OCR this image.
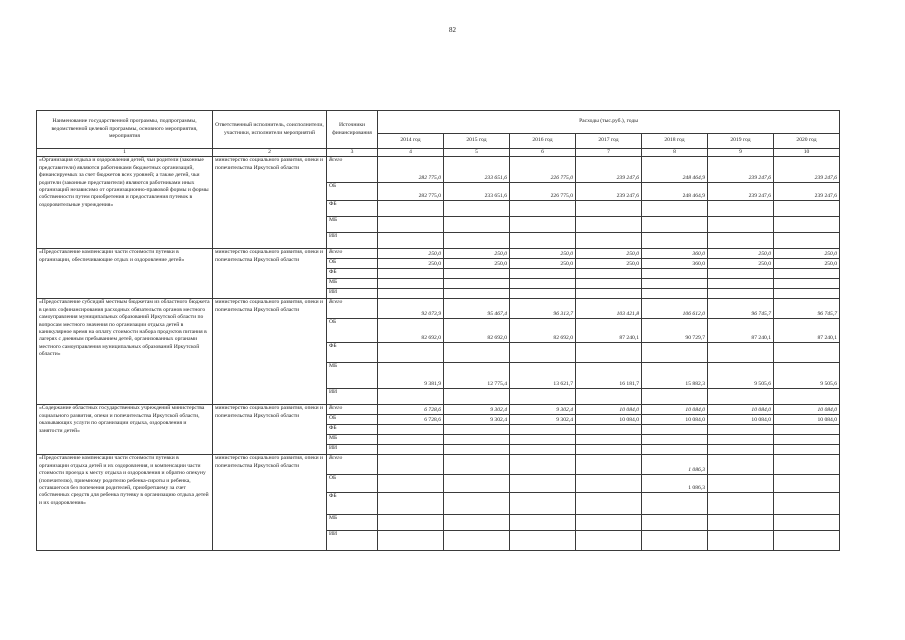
82
Наименование государственной программы, подпрограммы, ведомственной целевой программы, основного мероприятия, мероприятия	Ответственный исполнитель, соисполнители, участники, исполнители мероприятий	Источники финансирования	Расходы (тыс.руб.), годы						
			2014 год	2015 год	2016 год	2017 год	2018 год	2019 год	2020 год
1	2	3	4	5	6	7	8	9	10
«Организация отдыха и оздоровления детей, чьи родители (законные представители) являются работниками бюджетных организаций, финансируемых за счет бюджетов всех уровней; а также детей, чьи родители (законные представители) являются работниками иных организаций независимо от организационно-правовой формы и формы собственности путем приобретения и предоставления путевок в оздоровительные учреждения»	министерство социального развития, опеки и попечительства Иркутской области	Всего	282 775,0	233 651,6	226 775,0	239 247,6	248 464,9	239 247,6	239 247,6
		ОБ	282 775,0	233 651,6	226 775,0	239 247,6	248 464,9	239 247,6	239 247,6
		ФБ							
		МБ							
		ИИ							
«Предоставление компенсации части стоимости путевки в организации, обеспечивающие отдых и оздоровление детей»	министерство социального развития, опеки и попечительства Иркутской области	Всего	250,0	250,0	250,0	250,0	360,0	250,0	250,0
		ОБ	250,0	250,0	250,0	250,0	360,0	250,0	250,0
		ФБ							
		МБ							
		ИИ							
«Предоставление субсидий местным бюджетам из областного бюджета в целях софинансирования расходных обязательств органов местного самоуправления муниципальных образований Иркутской области по вопросам местного значения по организации отдыха детей в каникулярное время на оплату стоимости набора продуктов питания в лагерях с дневным пребыванием детей, организованных органами местного самоуправления муниципальных образований Иркутской области»	министерство социального развития, опеки и попечительства Иркутской области	Всего	92 073,9	95 467,4	96 313,7	103 421,8	106 612,0	96 745,7	96 745,7
		ОБ	82 692,0	82 692,0	82 692,0	87 240,1	90 729,7	87 240,1	87 240,1
		ФБ							
		МБ	9 381,9	12 775,4	13 621,7	16 181,7	15 882,3	9 505,6	9 505,6
		ИИ							
«Содержание областных государственных учреждений министерства социального развития, опеки и попечительства Иркутской области, оказывающих услуги по организации отдыха, оздоровления и занятости детей»	министерство социального развития, опеки и попечительства Иркутской области	Всего	6 728,6	9 302,4	9 302,4	10 084,0	10 084,0	10 084,0	10 084,0
		ОБ	6 728,6	9 302,4	9 302,4	10 084,0	10 084,0	10 084,0	10 084,0
		ФБ							
		МБ							
		ИИ							
«Предоставление компенсации части стоимости путевки в организации отдыха детей и их оздоровления, и компенсации части стоимости проезда к месту отдыха и оздоровления и обратно опекуну (попечителю), приемному родителю ребенка-сироты и ребенка, оставшегося без попечения родителей, приобретшему за счет собственных средств для ребенка путевку в организацию отдыха детей и их оздоровления»	министерство социального развития, опеки и попечительства Иркутской области	Всего					1 086,3		
		ОБ					1 086,3		
		ФБ							
		МБ							
		ИИ							
